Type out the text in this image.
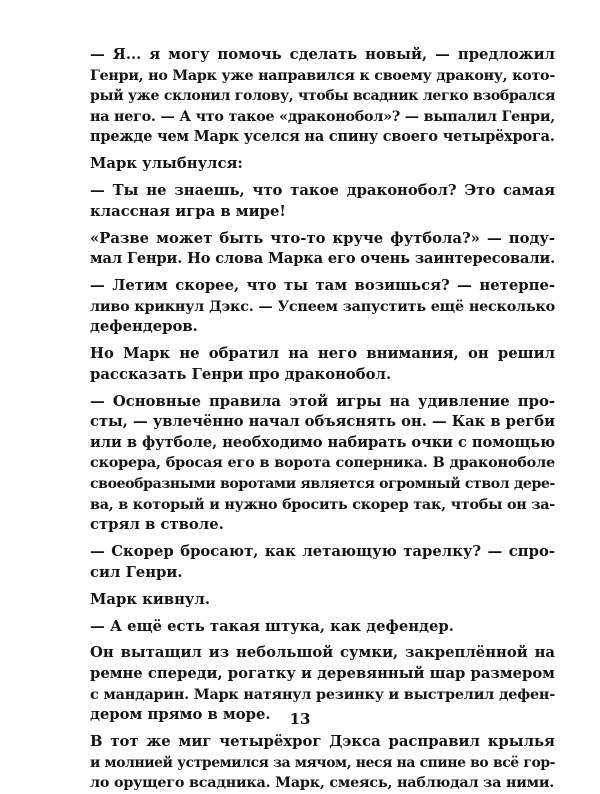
— Я... я могу помочь сделать новый, — предложил
Генри, но Марк уже направился к своему дракону, кото-
рый уже склонил голову, чтобы всадник легко взобрался
на него. — А что такое «драконобол»? — выпалил Генри,
прежде чем Марк уселся на спину своего четырёхрога.
Марк улыбнулся:
— Ты не знаешь, что такое драконобол? Это самая
классная игра в мире!
«Разве может быть что-то круче футбола?» — поду-
мал Генри. Но слова Марка его очень заинтересовали.
— Летим скорее, что ты там возишься? — нетерпе-
ливо крикнул Дэкс. — Успеем запустить ещё несколько
дефендеров.
Но Марк не обратил на него внимания, он решил
рассказать Генри про драконобол.
— Основные правила этой игры на удивление про-
сты, — увлечённо начал объяснять он. — Как в регби
или в футболе, необходимо набирать очки с помощью
скорера, бросая его в ворота соперника. В драконоболе
своеобразными воротами является огромный ствол дере-
ва, в который и нужно бросить скорер так, чтобы он за-
стрял в стволе.
— Скорер бросают, как летающую тарелку? — спро-
сил Генри.
Марк кивнул.
— А ещё есть такая штука, как дефендер.
Он вытащил из небольшой сумки, закреплённой на
ремне спереди, рогатку и деревянный шар размером
с мандарин. Марк натянул резинку и выстрелил дефен-
дером прямо в море.
В тот же миг четырёхрог Дэкса расправил крылья
и молнией устремился за мячом, неся на спине во всё гор-
ло орущего всадника. Марк, смеясь, наблюдал за ними.
13
